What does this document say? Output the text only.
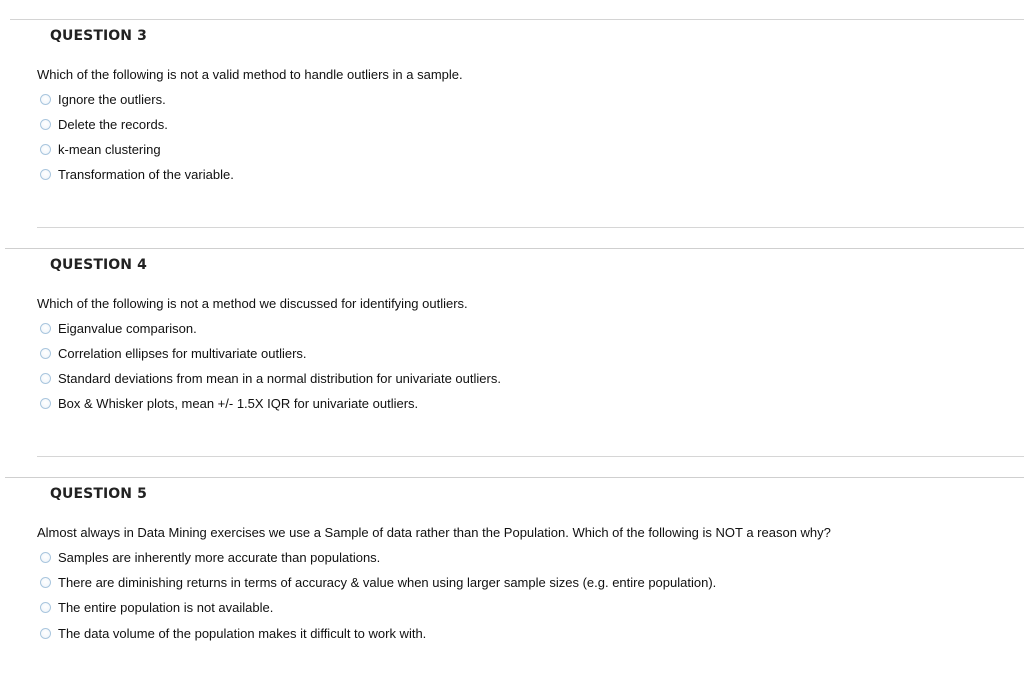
QUESTION 3
Which of the following is not a valid method to handle outliers in a sample.
Ignore the outliers.
Delete the records.
k-mean clustering
Transformation of the variable.
QUESTION 4
Which of the following is not a method we discussed for identifying outliers.
Eiganvalue comparison.
Correlation ellipses for multivariate outliers.
Standard deviations from mean in a normal distribution for univariate outliers.
Box & Whisker plots, mean +/- 1.5X IQR for univariate outliers.
QUESTION 5
Almost always in Data Mining exercises we use a Sample of data rather than the Population. Which of the following is NOT a reason why?
Samples are inherently more accurate than populations.
There are diminishing returns in terms of accuracy & value when using larger sample sizes (e.g. entire population).
The entire population is not available.
The data volume of the population makes it difficult to work with.
